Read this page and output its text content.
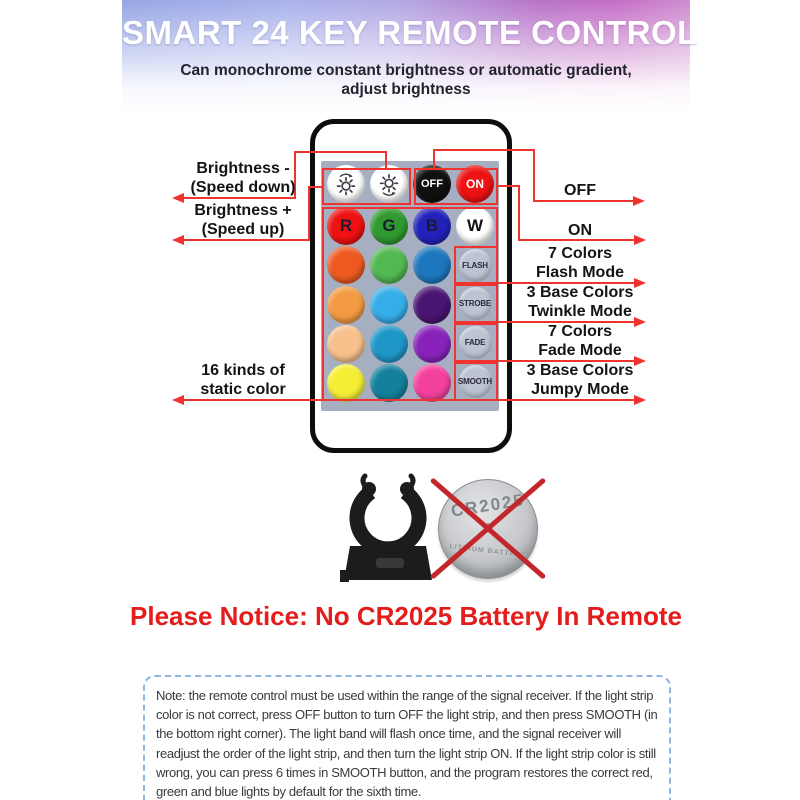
SMART 24 KEY REMOTE CONTROL
Can monochrome constant brightness or automatic gradient,
adjust brightness
OFF	ON
Brightness -
(Speed down)
Brightness +
(Speed up)
16 kinds of
static color
OFF
ON
7 Colors
Flash Mode
3 Base Colors
Twinkle Mode
7 Colors
Fade Mode
3 Base Colors
Jumpy Mode
CR2025
LITHIUM BATTERY
Please Notice: No CR2025 Battery In Remote
Note: the remote control must be used within the range of the signal receiver. If the light strip color is not correct, press OFF button to turn OFF the light strip, and then press SMOOTH (in the bottom right corner). The light band will flash once time, and the signal receiver will readjust the order of the light strip, and then turn the light strip ON. If the light strip color is still wrong, you can press 6 times in SMOOTH button, and the program restores the correct red, green and blue lights by default for the sixth time.
R	G	B	W
FLASH
STROBE
FADE
SMOOTH
